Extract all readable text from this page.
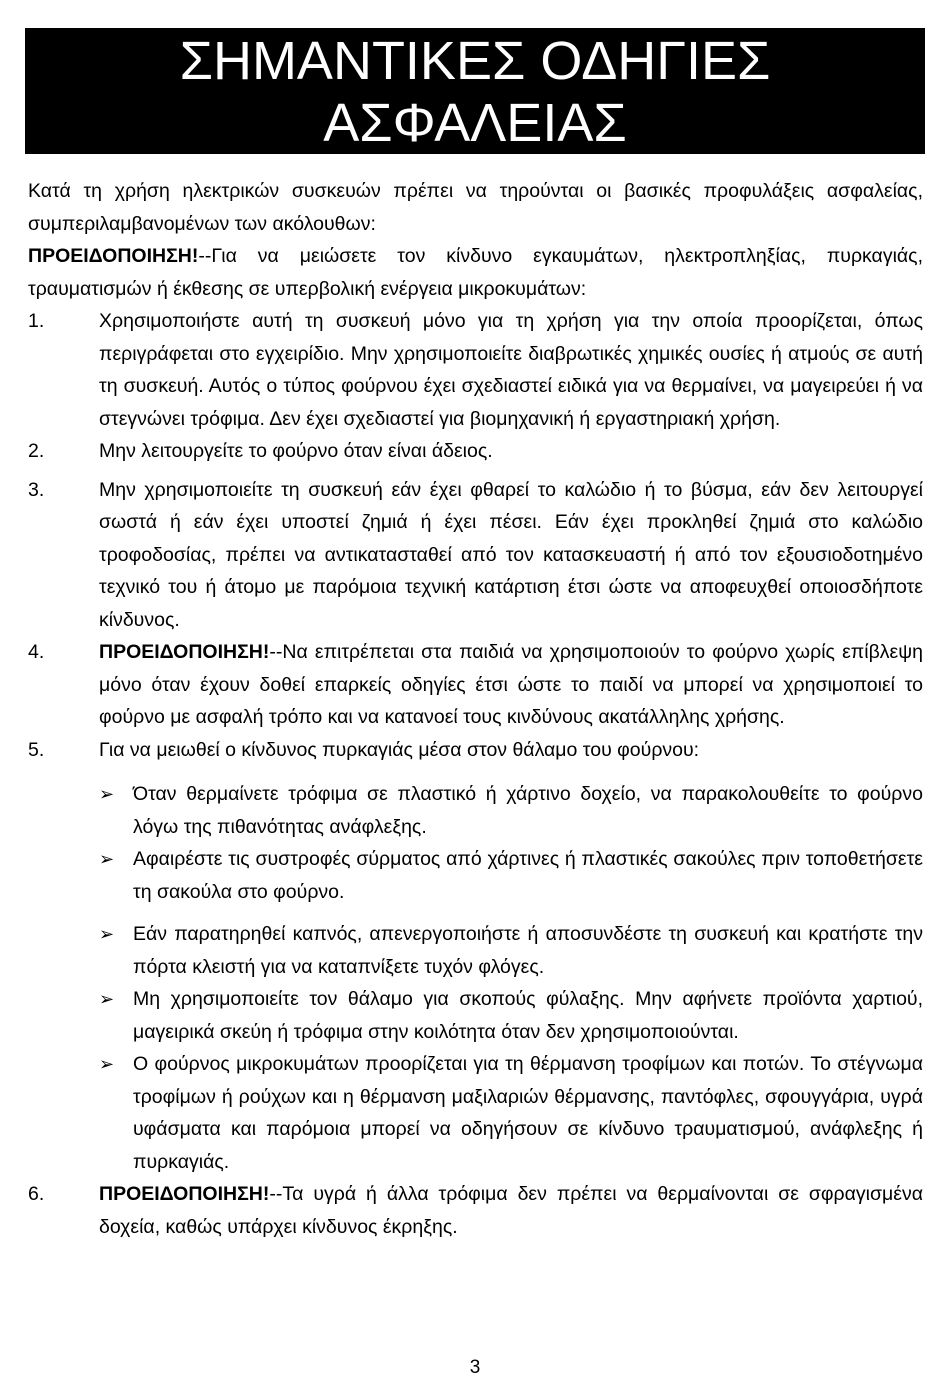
ΣΗΜΑΝΤΙΚΕΣ ΟΔΗΓΙΕΣ
ΑΣΦΑΛΕΙΑΣ

Κατά τη χρήση ηλεκτρικών συσκευών πρέπει να τηρούνται οι βασικές προφυλάξεις ασφαλείας, συμπεριλαμβανομένων των ακόλουθων:

ΠΡΟΕΙΔΟΠΟΙΗΣΗ!--Για να μειώσετε τον κίνδυνο εγκαυμάτων, ηλεκτροπληξίας, πυρκαγιάς, τραυματισμών ή έκθεσης σε υπερβολική ενέργεια μικροκυμάτων:

1.	Χρησιμοποιήστε αυτή τη συσκευή μόνο για τη χρήση για την οποία προορίζεται, όπως περιγράφεται στο εγχειρίδιο. Μην χρησιμοποιείτε διαβρωτικές χημικές ουσίες ή ατμούς σε αυτή τη συσκευή. Αυτός ο τύπος φούρνου έχει σχεδιαστεί ειδικά για να θερμαίνει, να μαγειρεύει ή να στεγνώνει τρόφιμα. Δεν έχει σχεδιαστεί για βιομηχανική ή εργαστηριακή χρήση.
2.	Μην λειτουργείτε το φούρνο όταν είναι άδειος.
3.	Μην χρησιμοποιείτε τη συσκευή εάν έχει φθαρεί το καλώδιο ή το βύσμα, εάν δεν λειτουργεί σωστά ή εάν έχει υποστεί ζημιά ή έχει πέσει. Εάν έχει προκληθεί ζημιά στο καλώδιο τροφοδοσίας, πρέπει να αντικατασταθεί από τον κατασκευαστή ή από τον εξουσιοδοτημένο τεχνικό του ή άτομο με παρόμοια τεχνική κατάρτιση έτσι ώστε να αποφευχθεί οποιοσδήποτε κίνδυνος.
4.	ΠΡΟΕΙΔΟΠΟΙΗΣΗ!--Να επιτρέπεται στα παιδιά να χρησιμοποιούν το φούρνο χωρίς επίβλεψη μόνο όταν έχουν δοθεί επαρκείς οδηγίες έτσι ώστε το παιδί να μπορεί να χρησιμοποιεί το φούρνο με ασφαλή τρόπο και να κατανοεί τους κινδύνους ακατάλληλης χρήσης.
5.	Για να μειωθεί ο κίνδυνος πυρκαγιάς μέσα στον θάλαμο του φούρνου:
➢ Όταν θερμαίνετε τρόφιμα σε πλαστικό ή χάρτινο δοχείο, να παρακολουθείτε το φούρνο λόγω της πιθανότητας ανάφλεξης.
➢ Αφαιρέστε τις συστροφές σύρματος από χάρτινες ή πλαστικές σακούλες πριν τοποθετήσετε τη σακούλα στο φούρνο.
➢ Εάν παρατηρηθεί καπνός, απενεργοποιήστε ή αποσυνδέστε τη συσκευή και κρατήστε την πόρτα κλειστή για να καταπνίξετε τυχόν φλόγες.
➢ Μη χρησιμοποιείτε τον θάλαμο για σκοπούς φύλαξης. Μην αφήνετε προϊόντα χαρτιού, μαγειρικά σκεύη ή τρόφιμα στην κοιλότητα όταν δεν χρησιμοποιούνται.
➢ Ο φούρνος μικροκυμάτων προορίζεται για τη θέρμανση τροφίμων και ποτών. Το στέγνωμα τροφίμων ή ρούχων και η θέρμανση μαξιλαριών θέρμανσης, παντόφλες, σφουγγάρια, υγρά υφάσματα και παρόμοια μπορεί να οδηγήσουν σε κίνδυνο τραυματισμού, ανάφλεξης ή πυρκαγιάς.
6.	ΠΡΟΕΙΔΟΠΟΙΗΣΗ!--Τα υγρά ή άλλα τρόφιμα δεν πρέπει να θερμαίνονται σε σφραγισμένα δοχεία, καθώς υπάρχει κίνδυνος έκρηξης.
3
